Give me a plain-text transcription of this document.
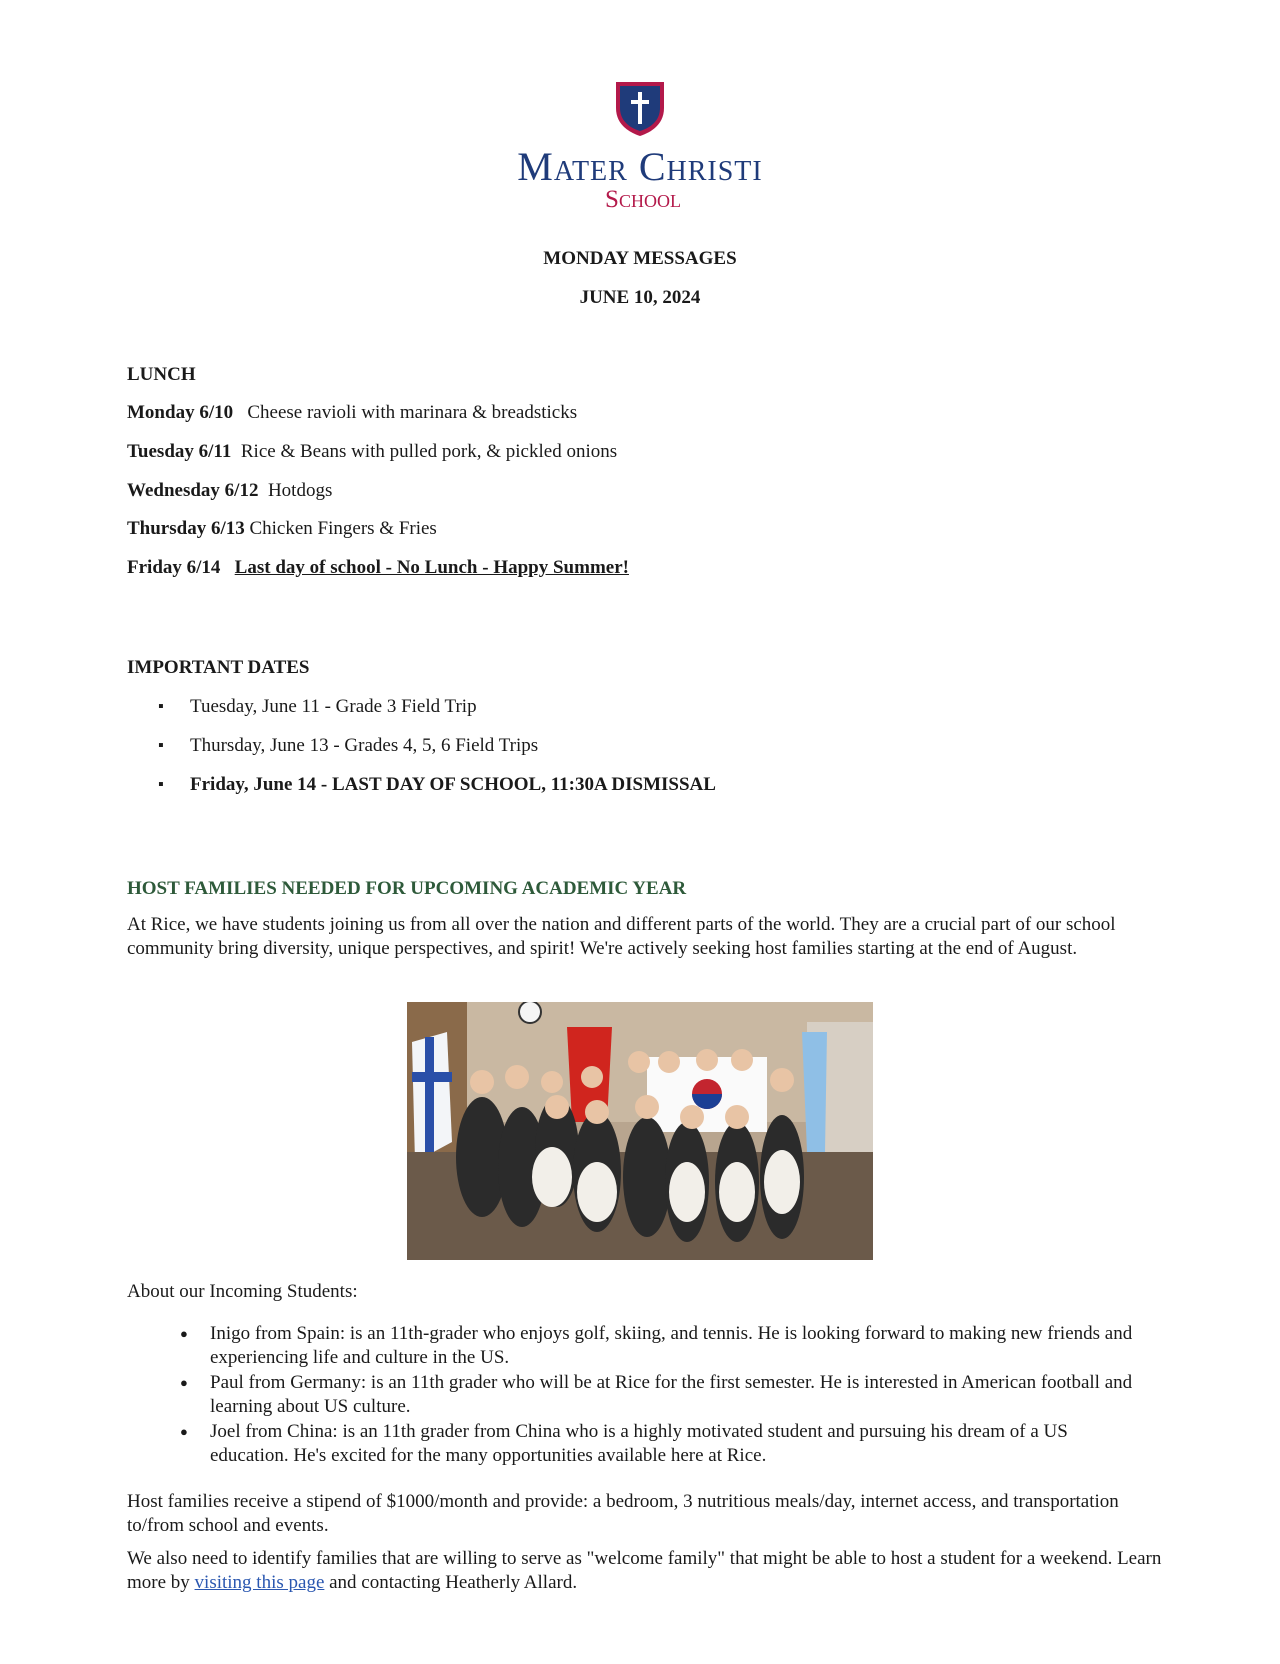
Mater Christi
School
MONDAY MESSAGES
JUNE 10, 2024
LUNCH
Monday 6/10 Cheese ravioli with marinara & breadsticks
Tuesday 6/11 Rice & Beans with pulled pork, & pickled onions
Wednesday 6/12 Hotdogs
Thursday 6/13 Chicken Fingers & Fries
Friday 6/14 Last day of school - No Lunch - Happy Summer!
IMPORTANT DATES
▪ Tuesday, June 11 - Grade 3 Field Trip
▪ Thursday, June 13 - Grades 4, 5, 6 Field Trips
▪ Friday, June 14 - LAST DAY OF SCHOOL, 11:30A DISMISSAL
HOST FAMILIES NEEDED FOR UPCOMING ACADEMIC YEAR
At Rice, we have students joining us from all over the nation and different parts of the world. They are a crucial part of our school community bring diversity, unique perspectives, and spirit! We're actively seeking host families starting at the end of August.
About our Incoming Students:
● Inigo from Spain: is an 11th-grader who enjoys golf, skiing, and tennis. He is looking forward to making new friends and experiencing life and culture in the US.
● Paul from Germany: is an 11th grader who will be at Rice for the first semester. He is interested in American football and learning about US culture.
● Joel from China: is an 11th grader from China who is a highly motivated student and pursuing his dream of a US education. He's excited for the many opportunities available here at Rice.
Host families receive a stipend of $1000/month and provide: a bedroom, 3 nutritious meals/day, internet access, and transportation to/from school and events.
We also need to identify families that are willing to serve as "welcome family" that might be able to host a student for a weekend. Learn more by visiting this page and contacting Heatherly Allard.
